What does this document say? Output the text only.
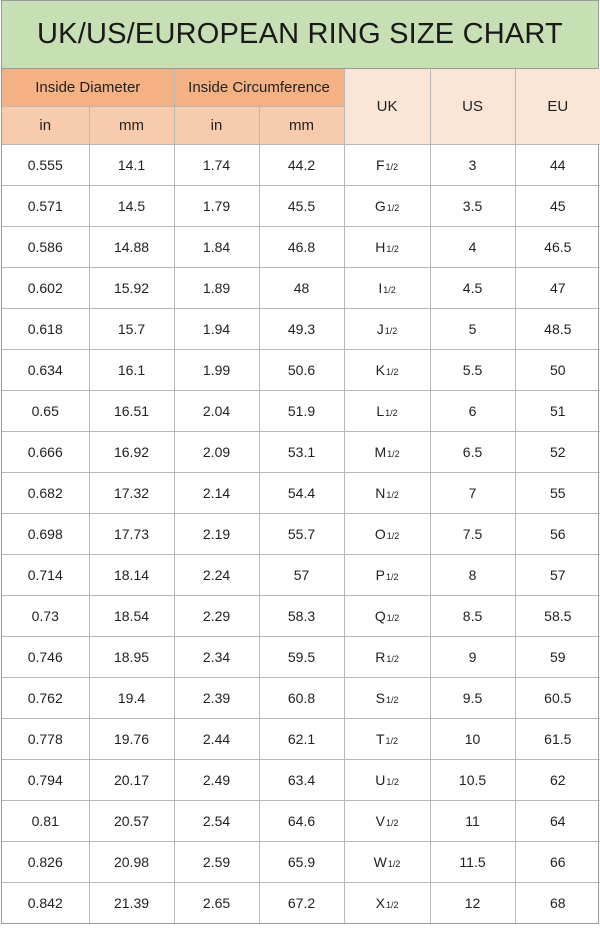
UK/US/EUROPEAN RING SIZE CHART
Inside Diameter		Inside Circumference		UK	US	EU
in	mm	in	mm			
0.555	14.1	1.74	44.2	F1/2	3	44
0.571	14.5	1.79	45.5	G1/2	3.5	45
0.586	14.88	1.84	46.8	H1/2	4	46.5
0.602	15.92	1.89	48	I1/2	4.5	47
0.618	15.7	1.94	49.3	J1/2	5	48.5
0.634	16.1	1.99	50.6	K1/2	5.5	50
0.65	16.51	2.04	51.9	L1/2	6	51
0.666	16.92	2.09	53.1	M1/2	6.5	52
0.682	17.32	2.14	54.4	N1/2	7	55
0.698	17.73	2.19	55.7	O1/2	7.5	56
0.714	18.14	2.24	57	P1/2	8	57
0.73	18.54	2.29	58.3	Q1/2	8.5	58.5
0.746	18.95	2.34	59.5	R1/2	9	59
0.762	19.4	2.39	60.8	S1/2	9.5	60.5
0.778	19.76	2.44	62.1	T1/2	10	61.5
0.794	20.17	2.49	63.4	U1/2	10.5	62
0.81	20.57	2.54	64.6	V1/2	11	64
0.826	20.98	2.59	65.9	W1/2	11.5	66
0.842	21.39	2.65	67.2	X1/2	12	68
